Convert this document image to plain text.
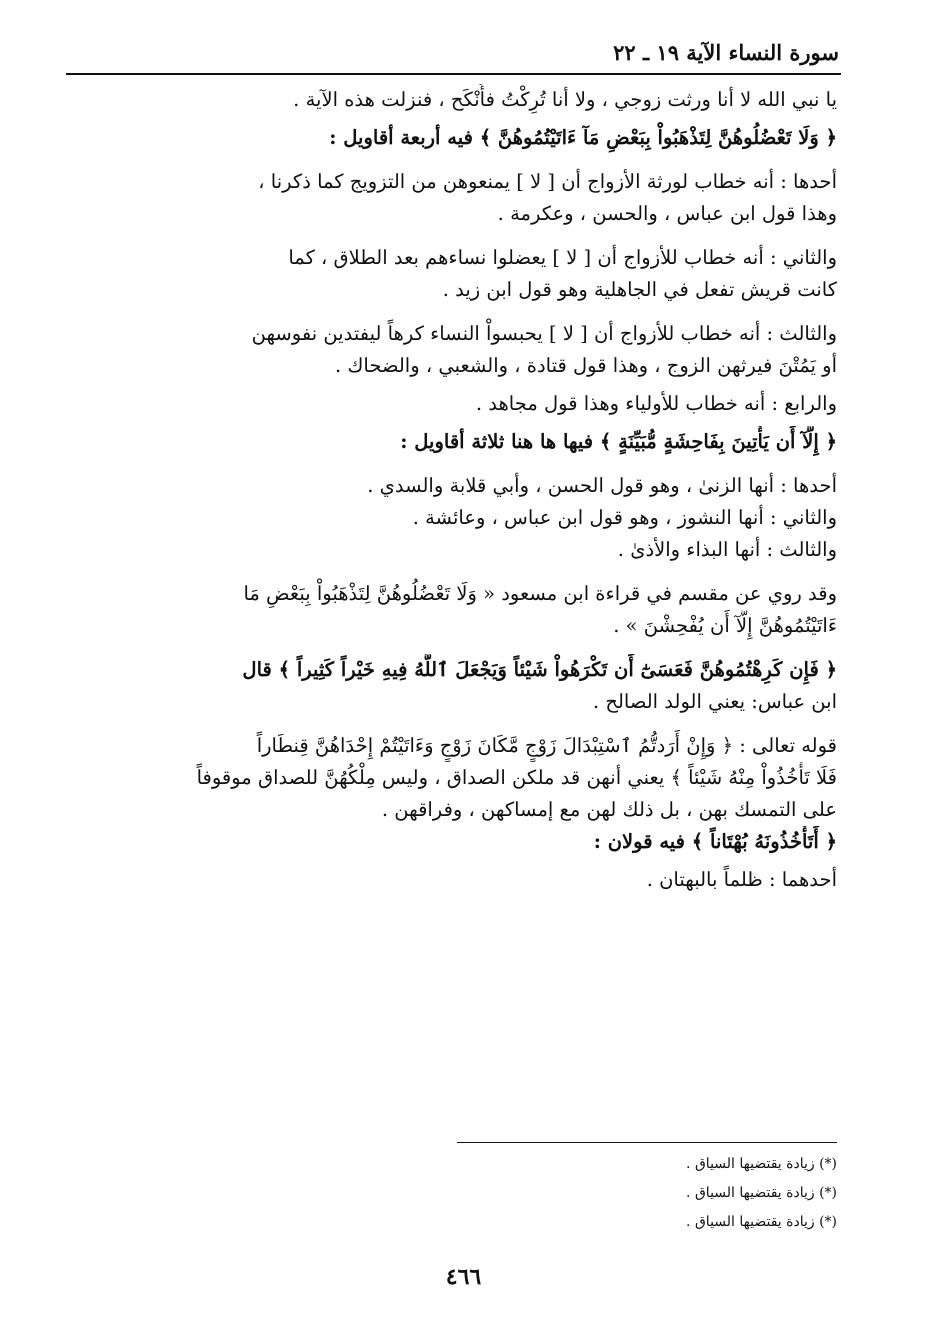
سورة النساء الآية ١٩ ـ ٢٢
يا نبي الله لا أنا ورثت زوجي ، ولا أنا تُرِكْتُ فأُنْكَح ، فنزلت هذه الآية .
﴿ وَلَا تَعْضُلُوهُنَّ لِتَذْهَبُواْ بِبَعْضِ مَآ ءَاتَيْتُمُوهُنَّ ﴾ فيه أربعة أقاويل :
أحدها : أنه خطاب لورثة الأزواج أن [ لا ] يمنعوهن من التزويج كما ذكرنا ،
وهذا قول ابن عباس ، والحسن ، وعكرمة .
والثاني : أنه خطاب للأزواج أن [ لا ] يعضلوا نساءهم بعد الطلاق ، كما
كانت قريش تفعل في الجاهلية وهو قول ابن زيد .
والثالث : أنه خطاب للأزواج أن [ لا ] يحبسواْ النساء كرهاً ليفتدين نفوسهن
أو يَمُتْنَ فيرثهن الزوج ، وهذا قول قتادة ، والشعبي ، والضحاك .
والرابع : أنه خطاب للأولياء وهذا قول مجاهد .
﴿ إِلَّآ أَن يَأْتِينَ بِفَاحِشَةٍ مُّبَيِّنَةٍ ﴾ فيها ها هنا ثلاثة أقاويل :
أحدها : أنها الزنىٰ ، وهو قول الحسن ، وأبي قلابة والسدي .
والثاني : أنها النشوز ، وهو قول ابن عباس ، وعائشة .
والثالث : أنها البذاء والأذىٰ .
وقد روي عن مقسم في قراءة ابن مسعود « وَلَا تَعْضُلُوهُنَّ لِتَذْهَبُواْ بِبَعْضِ مَا
ءَاتَيْتُمُوهُنَّ إِلَّآ أَن يُفْحِشْنَ » .
﴿ فَإِن كَرِهْتُمُوهُنَّ فَعَسَىٰٓ أَن تَكْرَهُواْ شَيْئاً وَيَجْعَلَ ٱللَّهُ فِيهِ خَيْراً كَثِيراً ﴾ قال
ابن عباس: يعني الولد الصالح .
قوله تعالى : ﴿ وَإِنْ أَرَدتُّمُ ٱسْتِبْدَالَ زَوْجٍ مَّكَانَ زَوْجٍ وَءَاتَيْتُمْ إِحْدَاهُنَّ قِنطَاراً
فَلَا تَأْخُذُواْ مِنْهُ شَيْئاً ﴾ يعني أنهن قد ملكن الصداق ، وليس مِلْكُهُنَّ للصداق موقوفاً
على التمسك بهن ، بل ذلك لهن مع إمساكهن ، وفراقهن .
﴿ أَتَأْخُذُونَهُ بُهْتَاناً ﴾ فيه قولان :
أحدهما : ظلماً بالبهتان .
(*) زيادة يقتضيها السياق .
(*) زيادة يقتضيها السياق .
(*) زيادة يقتضيها السياق .
٤٦٦
